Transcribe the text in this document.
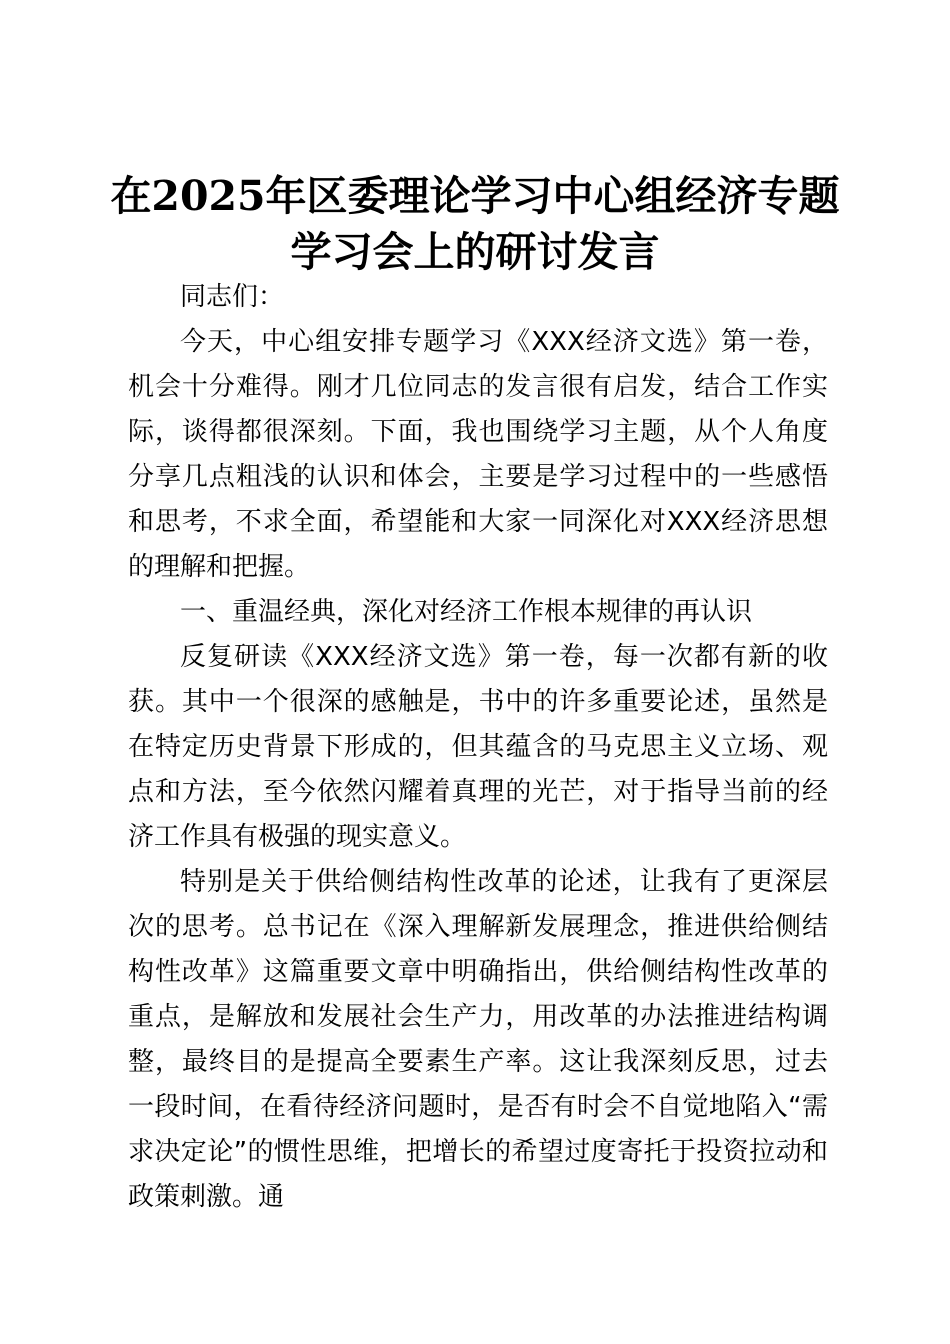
在2025年区委理论学习中心组经济专题学习会上的研讨发言

同志们：

今天，中心组安排专题学习《XXX经济文选》第一卷，机会十分难得。刚才几位同志的发言很有启发，结合工作实际，谈得都很深刻。下面，我也围绕学习主题，从个人角度分享几点粗浅的认识和体会，主要是学习过程中的一些感悟和思考，不求全面，希望能和大家一同深化对XXX经济思想的理解和把握。

一、重温经典，深化对经济工作根本规律的再认识

反复研读《XXX经济文选》第一卷，每一次都有新的收获。其中一个很深的感触是，书中的许多重要论述，虽然是在特定历史背景下形成的，但其蕴含的马克思主义立场、观点和方法，至今依然闪耀着真理的光芒，对于指导当前的经济工作具有极强的现实意义。

特别是关于供给侧结构性改革的论述，让我有了更深层次的思考。总书记在《深入理解新发展理念，推进供给侧结构性改革》这篇重要文章中明确指出，供给侧结构性改革的重点，是解放和发展社会生产力，用改革的办法推进结构调整，最终目的是提高全要素生产率。这让我深刻反思，过去一段时间，在看待经济问题时，是否有时会不自觉地陷入“需求决定论”的惯性思维，把增长的希望过度寄托于投资拉动和政策刺激。通
